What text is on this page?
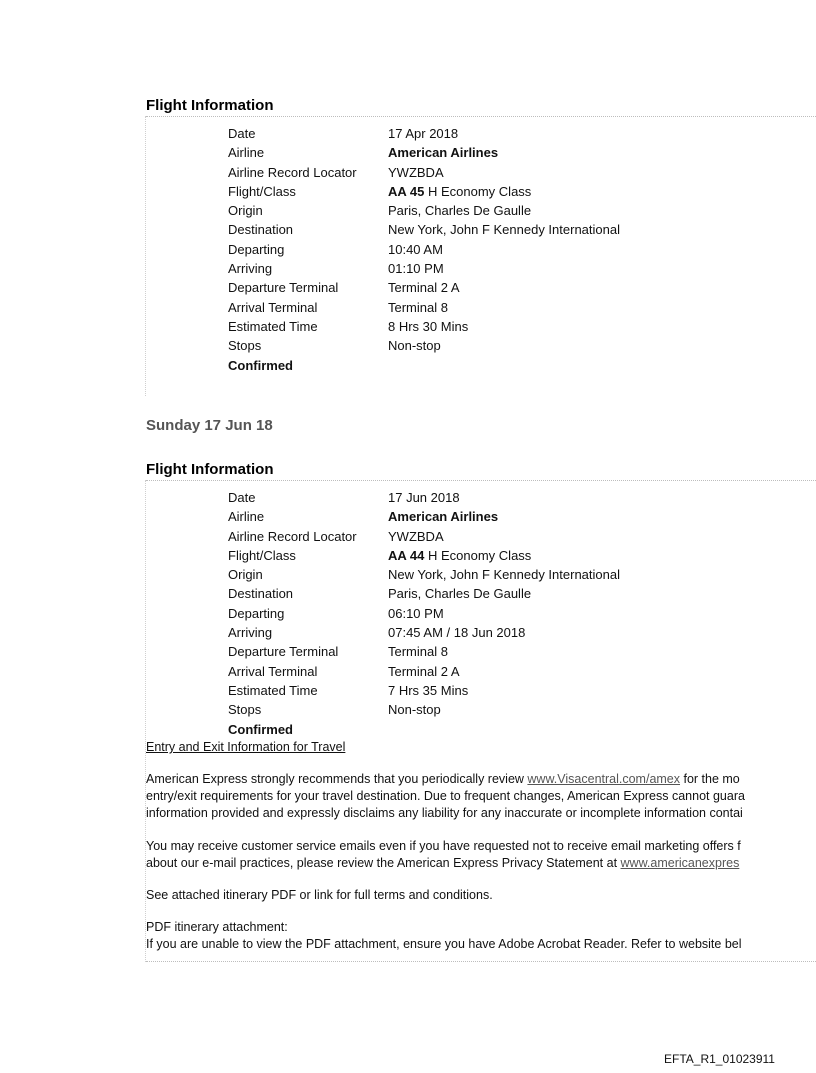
Flight Information
Date	17 Apr 2018
Airline	American Airlines
Airline Record Locator	YWZBDA
Flight/Class	AA 45 H Economy Class
Origin	Paris, Charles De Gaulle
Destination	New York, John F Kennedy International
Departing	10:40 AM
Arriving	01:10 PM
Departure Terminal	Terminal 2 A
Arrival Terminal	Terminal 8
Estimated Time	8 Hrs 30 Mins
Stops	Non-stop
Confirmed	
Sunday 17 Jun 18
Flight Information
Date	17 Jun 2018
Airline	American Airlines
Airline Record Locator	YWZBDA
Flight/Class	AA 44 H Economy Class
Origin	New York, John F Kennedy International
Destination	Paris, Charles De Gaulle
Departing	06:10 PM
Arriving	07:45 AM / 18 Jun 2018
Departure Terminal	Terminal 8
Arrival Terminal	Terminal 2 A
Estimated Time	7 Hrs 35 Mins
Stops	Non-stop
Confirmed	
Entry and Exit Information for Travel
American Express strongly recommends that you periodically review www.Visacentral.com/amex for the mo
entry/exit requirements for your travel destination. Due to frequent changes, American Express cannot guara
information provided and expressly disclaims any liability for any inaccurate or incomplete information contai
You may receive customer service emails even if you have requested not to receive email marketing offers f
about our e-mail practices, please review the American Express Privacy Statement at www.americanexpres
See attached itinerary PDF or link for full terms and conditions.
PDF itinerary attachment:
If you are unable to view the PDF attachment, ensure you have Adobe Acrobat Reader. Refer to website bel
EFTA_R1_01023911
